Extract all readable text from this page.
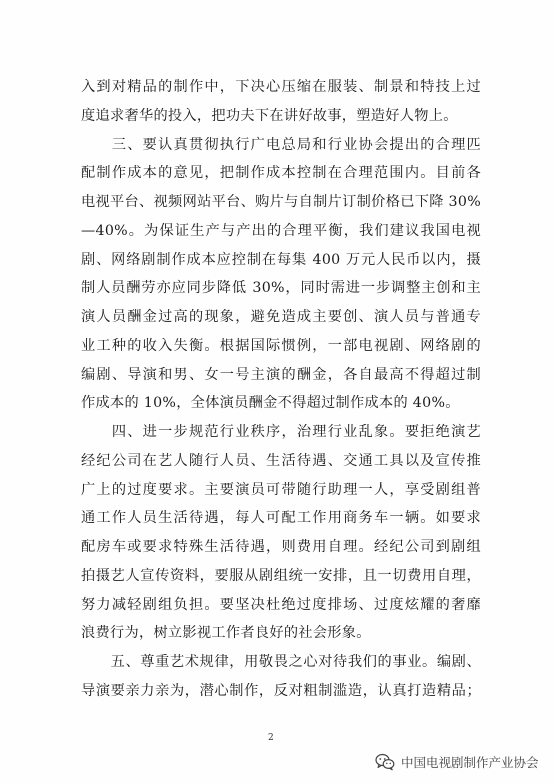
入到对精品的制作中，下决心压缩在服装、制景和特技上过
度追求奢华的投入，把功夫下在讲好故事，塑造好人物上。
　　三、要认真贯彻执行广电总局和行业协会提出的合理匹
配制作成本的意见，把制作成本控制在合理范围内。目前各
电视平台、视频网站平台、购片与自制片订制价格已下降 30%
—40%。为保证生产与产出的合理平衡，我们建议我国电视
剧、网络剧制作成本应控制在每集 400 万元人民币以内，摄
制人员酬劳亦应同步降低 30%，同时需进一步调整主创和主
演人员酬金过高的现象，避免造成主要创、演人员与普通专
业工种的收入失衡。根据国际惯例，一部电视剧、网络剧的
编剧、导演和男、女一号主演的酬金，各自最高不得超过制
作成本的 10%，全体演员酬金不得超过制作成本的 40%。
　　四、进一步规范行业秩序，治理行业乱象。要拒绝演艺
经纪公司在艺人随行人员、生活待遇、交通工具以及宣传推
广上的过度要求。主要演员可带随行助理一人，享受剧组普
通工作人员生活待遇，每人可配工作用商务车一辆。如要求
配房车或要求特殊生活待遇，则费用自理。经纪公司到剧组
拍摄艺人宣传资料，要服从剧组统一安排，且一切费用自理，
努力减轻剧组负担。要坚决杜绝过度排场、过度炫耀的奢靡
浪费行为，树立影视工作者良好的社会形象。
　　五、尊重艺术规律，用敬畏之心对待我们的事业。编剧、
导演要亲力亲为，潜心制作，反对粗制滥造，认真打造精品；
2
中国电视剧制作产业协会
